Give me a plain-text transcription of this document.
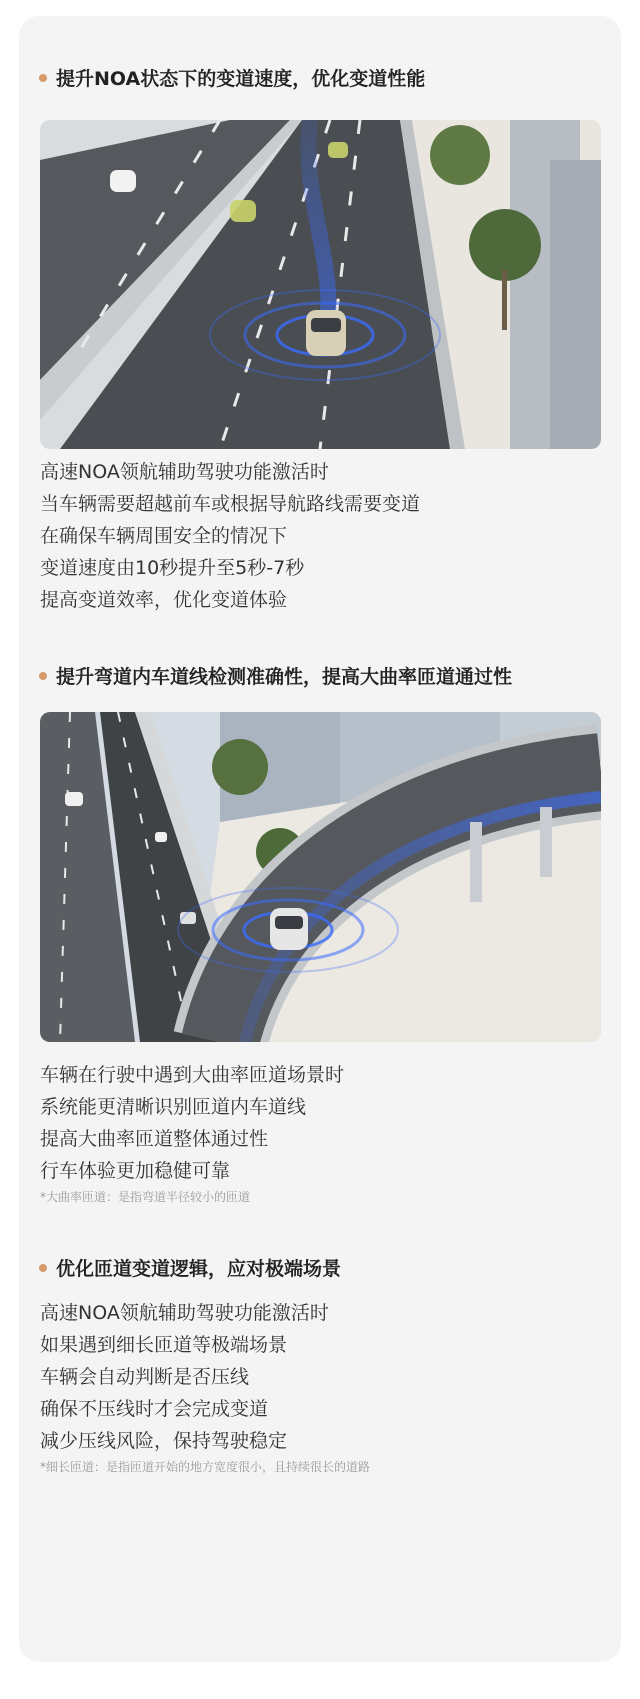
提升NOA状态下的变道速度，优化变道性能
高速NOA领航辅助驾驶功能激活时
当车辆需要超越前车或根据导航路线需要变道
在确保车辆周围安全的情况下
变道速度由10秒提升至5秒-7秒
提高变道效率，优化变道体验
提升弯道内车道线检测准确性，提高大曲率匝道通过性
车辆在行驶中遇到大曲率匝道场景时
系统能更清晰识别匝道内车道线
提高大曲率匝道整体通过性
行车体验更加稳健可靠
*大曲率匝道：是指弯道半径较小的匝道
优化匝道变道逻辑，应对极端场景
高速NOA领航辅助驾驶功能激活时
如果遇到细长匝道等极端场景
车辆会自动判断是否压线
确保不压线时才会完成变道
减少压线风险，保持驾驶稳定
*细长匝道：是指匝道开始的地方宽度很小，且持续很长的道路
